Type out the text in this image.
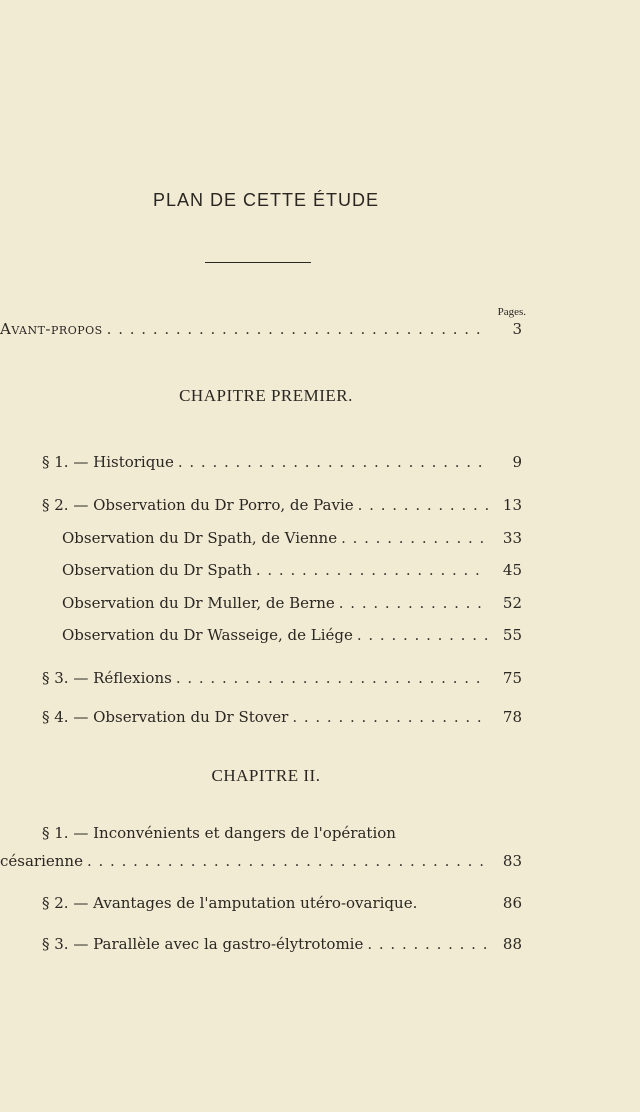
PLAN DE CETTE ÉTUDE
Pages.
Avant-propos . . .	3
CHAPITRE PREMIER.
§ 1. — Historique . . .	9
§ 2. — Observation du Dr Porro, de Pavie . . .	13
Observation du Dr Spath, de Vienne . . .	33
Observation du Dr Spath . . .	45
Observation du Dr Muller, de Berne . . .	52
Observation du Dr Wasseige, de Liége . . .	55
§ 3. — Réflexions . . .	75
§ 4. — Observation du Dr Stover . . .	78
CHAPITRE II.
§ 1. — Inconvénients et dangers de l'opération
césarienne . . .	83
§ 2. — Avantages de l'amputation utéro-ovarique.	86
§ 3. — Parallèle avec la gastro-élytrotomie . . .	88
